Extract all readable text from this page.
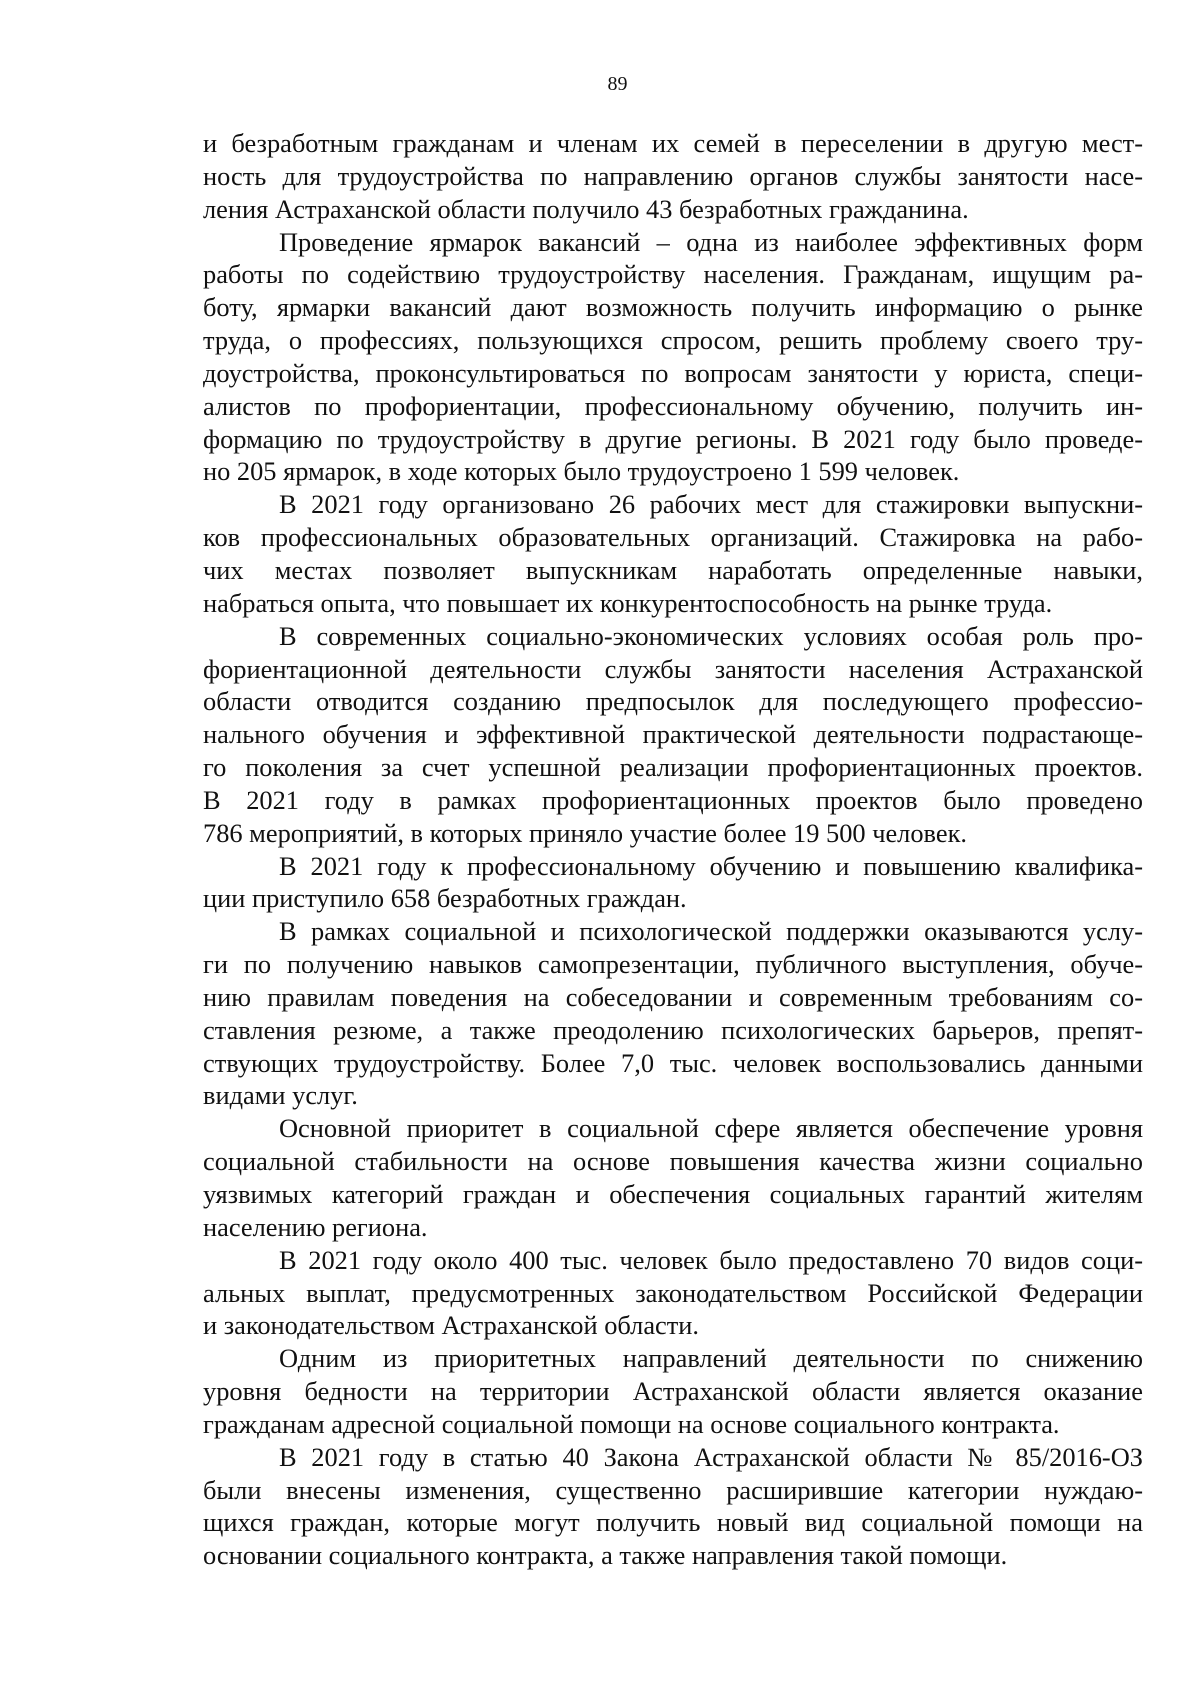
89
и безработным гражданам и членам их семей в переселении в другую мест-
ность для трудоустройства по направлению органов службы занятости насе-
ления Астраханской области получило 43 безработных гражданина.
Проведение ярмарок вакансий – одна из наиболее эффективных форм
работы по содействию трудоустройству населения. Гражданам, ищущим ра-
боту, ярмарки вакансий дают возможность получить информацию о рынке
труда, о профессиях, пользующихся спросом, решить проблему своего тру-
доустройства, проконсультироваться по вопросам занятости у юриста, специ-
алистов по профориентации, профессиональному обучению, получить ин-
формацию по трудоустройству в другие регионы. В 2021 году было проведе-
но 205 ярмарок, в ходе которых было трудоустроено 1 599 человек.
В 2021 году организовано 26 рабочих мест для стажировки выпускни-
ков профессиональных образовательных организаций. Стажировка на рабо-
чих местах позволяет выпускникам наработать определенные навыки,
набраться опыта, что повышает их конкурентоспособность на рынке труда.
В современных социально-экономических условиях особая роль про-
фориентационной деятельности службы занятости населения Астраханской
области отводится созданию предпосылок для последующего профессио-
нального обучения и эффективной практической деятельности подрастающе-
го поколения за счет успешной реализации профориентационных проектов.
В 2021 году в рамках профориентационных проектов было проведено
786 мероприятий, в которых приняло участие более 19 500 человек.
В 2021 году к профессиональному обучению и повышению квалифика-
ции приступило 658 безработных граждан.
В рамках социальной и психологической поддержки оказываются услу-
ги по получению навыков самопрезентации, публичного выступления, обуче-
нию правилам поведения на собеседовании и современным требованиям со-
ставления резюме, а также преодолению психологических барьеров, препят-
ствующих трудоустройству. Более 7,0 тыс. человек воспользовались данными
видами услуг.
Основной приоритет в социальной сфере является обеспечение уровня
социальной стабильности на основе повышения качества жизни социально
уязвимых категорий граждан и обеспечения социальных гарантий жителям
населению региона.
В 2021 году около 400 тыс. человек было предоставлено 70 видов соци-
альных выплат, предусмотренных законодательством Российской Федерации
и законодательством Астраханской области.
Одним из приоритетных направлений деятельности по снижению
уровня бедности на территории Астраханской области является оказание
гражданам адресной социальной помощи на основе социального контракта.
В 2021 году в статью 40 Закона Астраханской области № 85/2016-ОЗ
были внесены изменения, существенно расширившие категории нуждаю-
щихся граждан, которые могут получить новый вид социальной помощи на
основании социального контракта, а также направления такой помощи.
